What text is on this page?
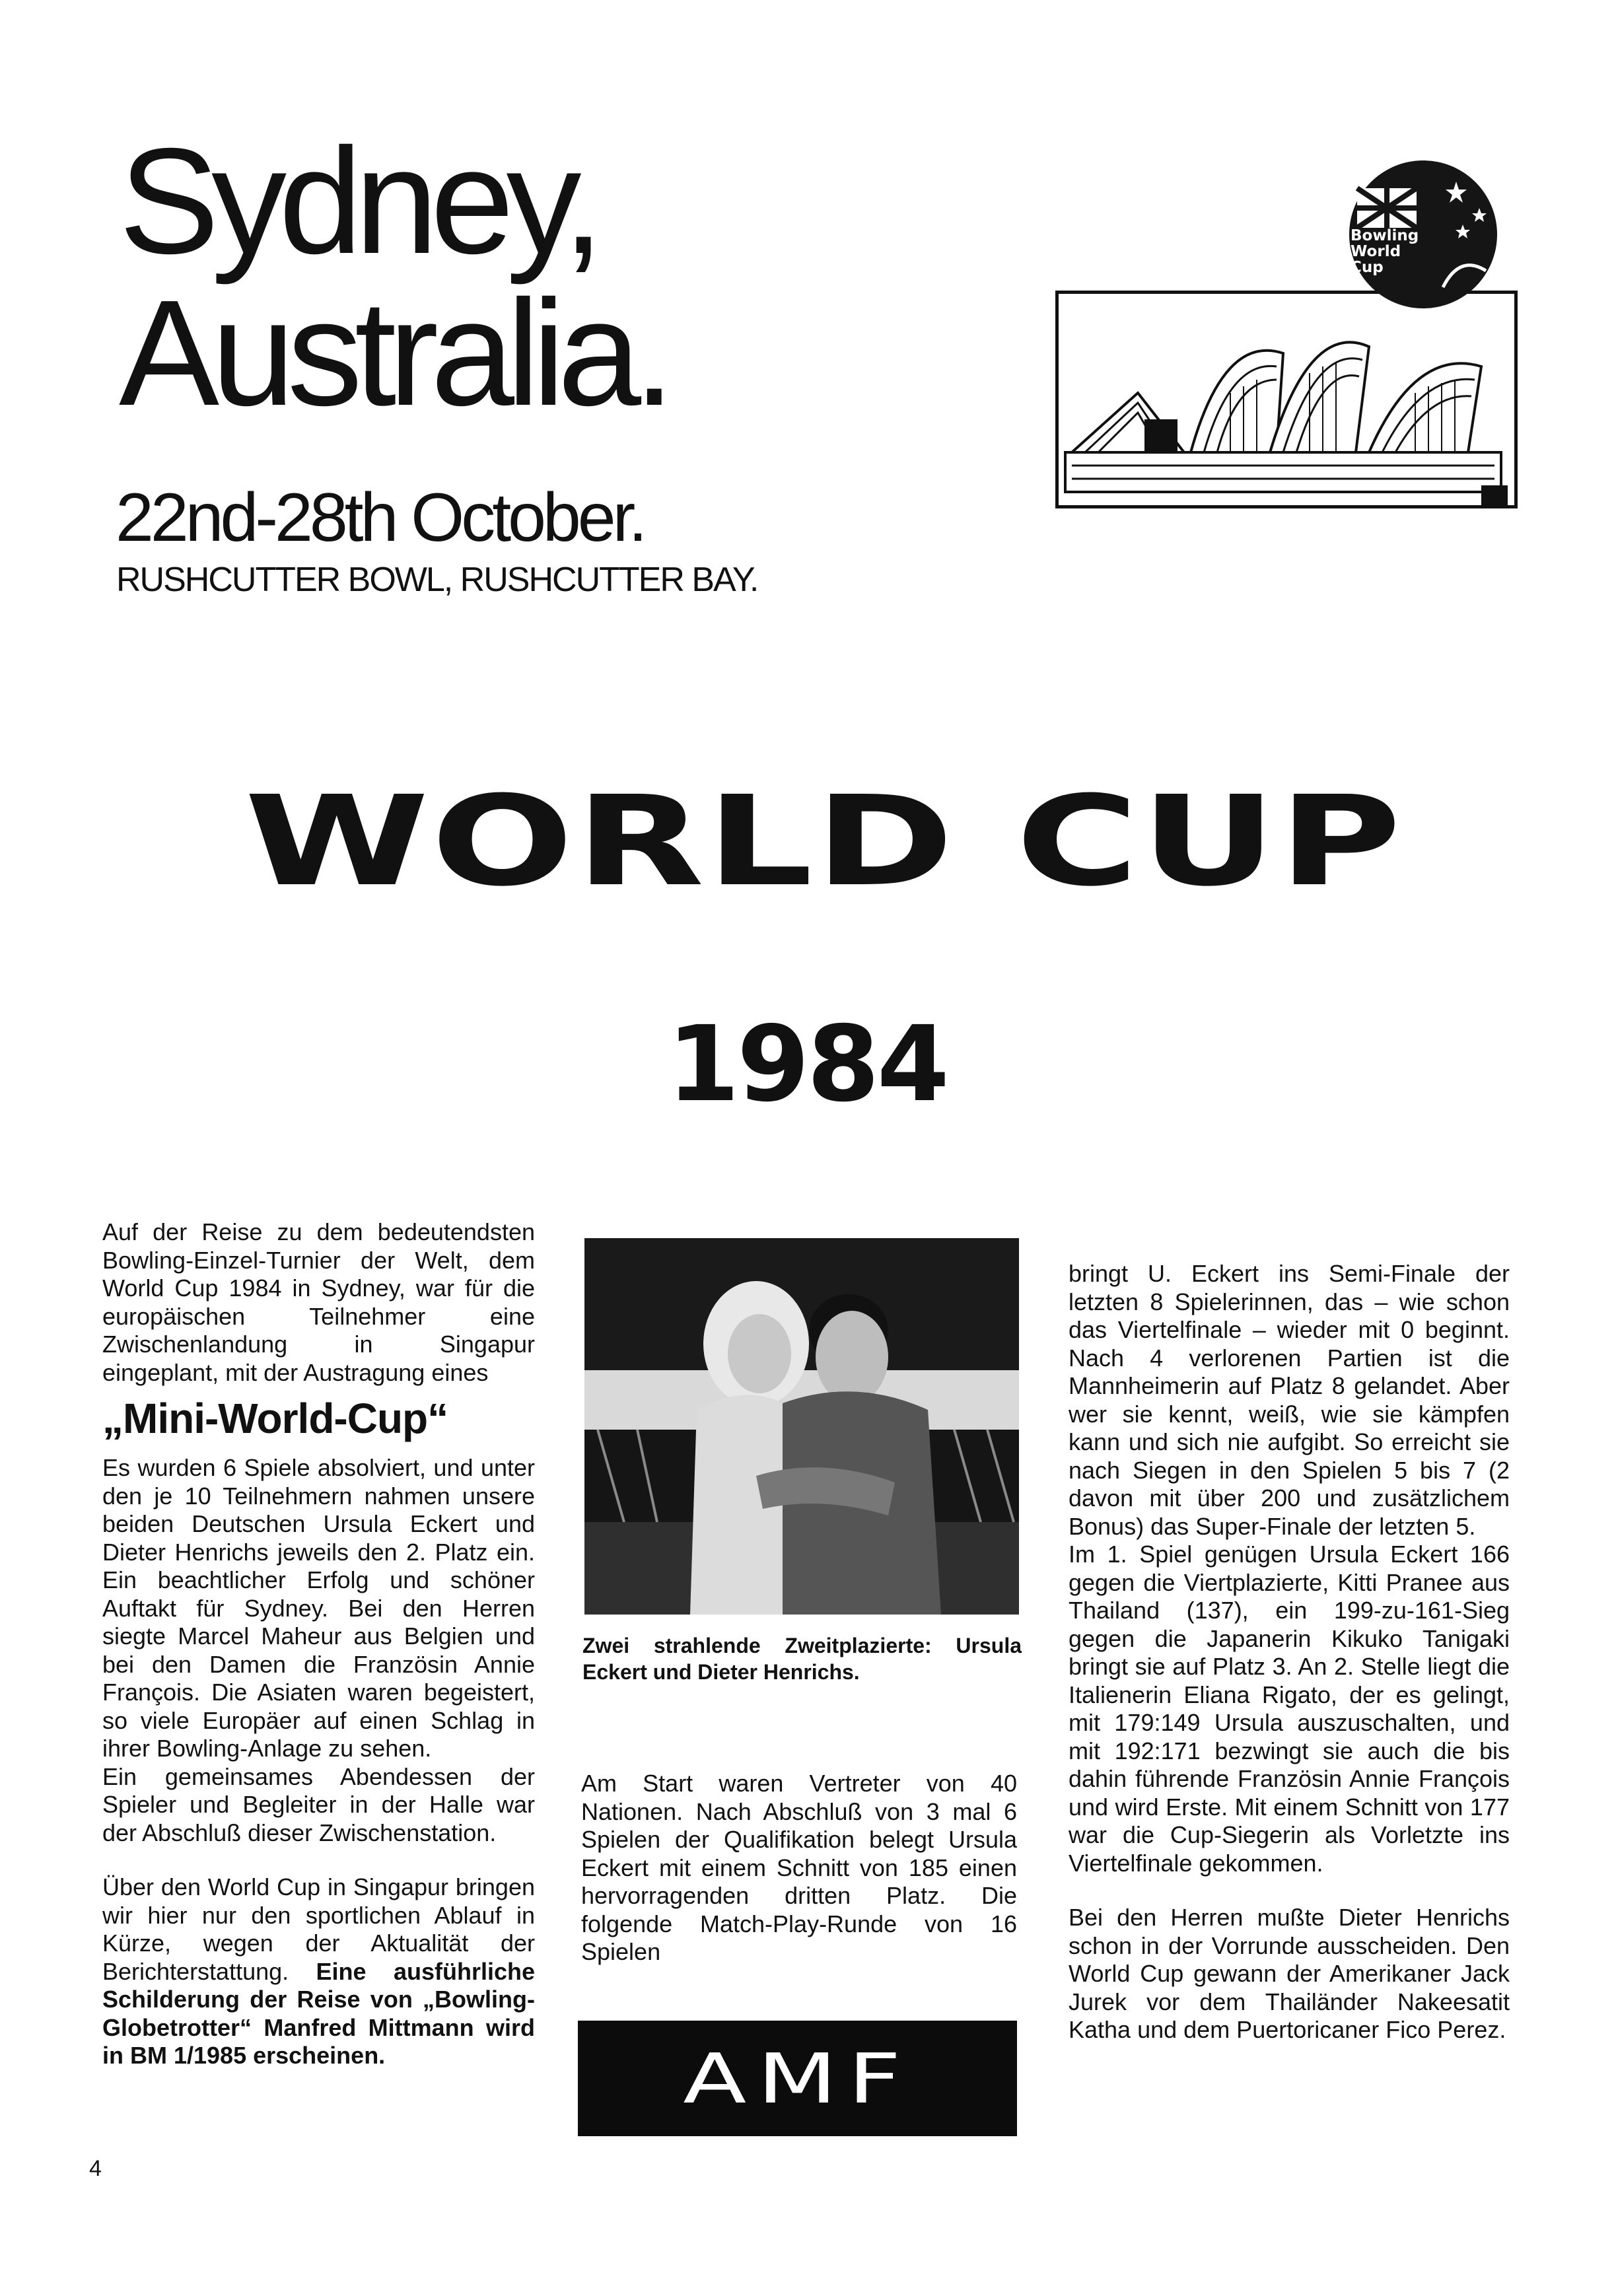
Sydney,
Australia.
22nd-28th October.
RUSHCUTTER BOWL, RUSHCUTTER BAY.
Bowling
World
Cup
WORLD CUP
1984

Auf der Reise zu dem bedeutendsten Bowling-Einzel-Turnier der Welt, dem World Cup 1984 in Sydney, war für die europäischen Teilnehmer eine Zwischenlandung in Singapur eingeplant, mit der Austragung eines

„Mini-World-Cup“

Es wurden 6 Spiele absolviert, und unter den je 10 Teilnehmern nahmen unsere beiden Deutschen Ursula Eckert und Dieter Henrichs jeweils den 2. Platz ein. Ein beachtlicher Erfolg und schöner Auftakt für Sydney. Bei den Herren siegte Marcel Maheur aus Belgien und bei den Damen die Französin Annie François. Die Asiaten waren begeistert, so viele Europäer auf einen Schlag in ihrer Bowling-Anlage zu sehen.

Ein gemeinsames Abendessen der Spieler und Begleiter in der Halle war der Abschluß dieser Zwischenstation.

Über den World Cup in Singapur bringen wir hier nur den sportlichen Ablauf in Kürze, wegen der Aktualität der Berichterstattung. Eine ausführliche Schilderung der Reise von „Bowling-Globetrotter“ Manfred Mittmann wird in BM 1/1985 erscheinen.

Zwei strahlende Zweitplazierte: Ursula Eckert und Dieter Henrichs.

Am Start waren Vertreter von 40 Nationen. Nach Abschluß von 3 mal 6 Spielen der Qualifikation belegt Ursula Eckert mit einem Schnitt von 185 einen hervorragenden dritten Platz. Die folgende Match-Play-Runde von 16 Spielen

AMF

bringt U. Eckert ins Semi-Finale der letzten 8 Spielerinnen, das – wie schon das Viertelfinale – wieder mit 0 beginnt. Nach 4 verlorenen Partien ist die Mannheimerin auf Platz 8 gelandet. Aber wer sie kennt, weiß, wie sie kämpfen kann und sich nie aufgibt. So erreicht sie nach Siegen in den Spielen 5 bis 7 (2 davon mit über 200 und zusätzlichem Bonus) das Super-Finale der letzten 5.

Im 1. Spiel genügen Ursula Eckert 166 gegen die Viertplazierte, Kitti Pranee aus Thailand (137), ein 199-zu-161-Sieg gegen die Japanerin Kikuko Tanigaki bringt sie auf Platz 3. An 2. Stelle liegt die Italienerin Eliana Rigato, der es gelingt, mit 179:149 Ursula auszuschalten, und mit 192:171 bezwingt sie auch die bis dahin führende Französin Annie François und wird Erste. Mit einem Schnitt von 177 war die Cup-Siegerin als Vorletzte ins Viertelfinale gekommen.

Bei den Herren mußte Dieter Henrichs schon in der Vorrunde ausscheiden. Den World Cup gewann der Amerikaner Jack Jurek vor dem Thailänder Nakeesatit Katha und dem Puertoricaner Fico Perez.

4
